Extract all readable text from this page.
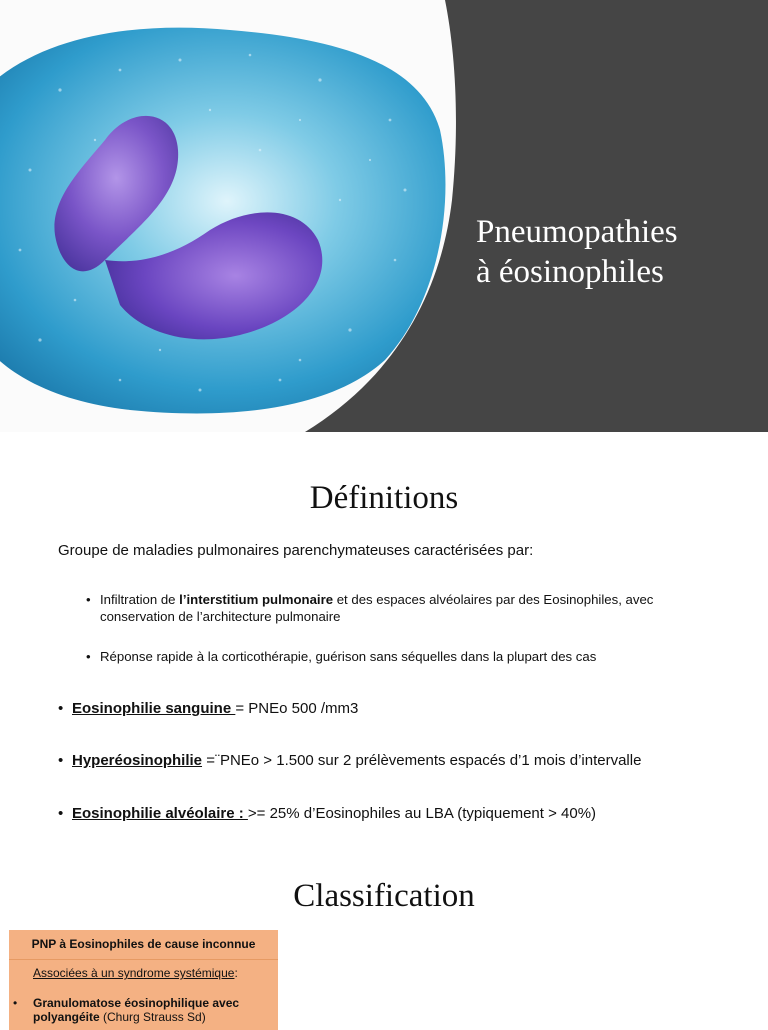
Pneumopathies
à éosinophiles
Définitions
Groupe de maladies pulmonaires parenchymateuses caractérisées par:
• Infiltration de l’interstitium pulmonaire et des espaces alvéolaires par des Eosinophiles, avec conservation de l’architecture pulmonaire
• Réponse rapide à la corticothérapie, guérison sans séquelles dans la plupart des cas
• Eosinophilie sanguine = PNEo 500 /mm3
• Hyperéosinophilie =¨PNEo > 1.500 sur 2 prélèvements espacés d’1 mois d’intervalle
• Eosinophilie alvéolaire : >= 25% d’Eosinophiles au LBA (typiquement > 40%)
Classification
PNP à Eosinophiles de cause inconnue
Associées à un syndrome systémique:
• Granulomatose éosinophilique avec polyangéite (Churg Strauss Sd)
